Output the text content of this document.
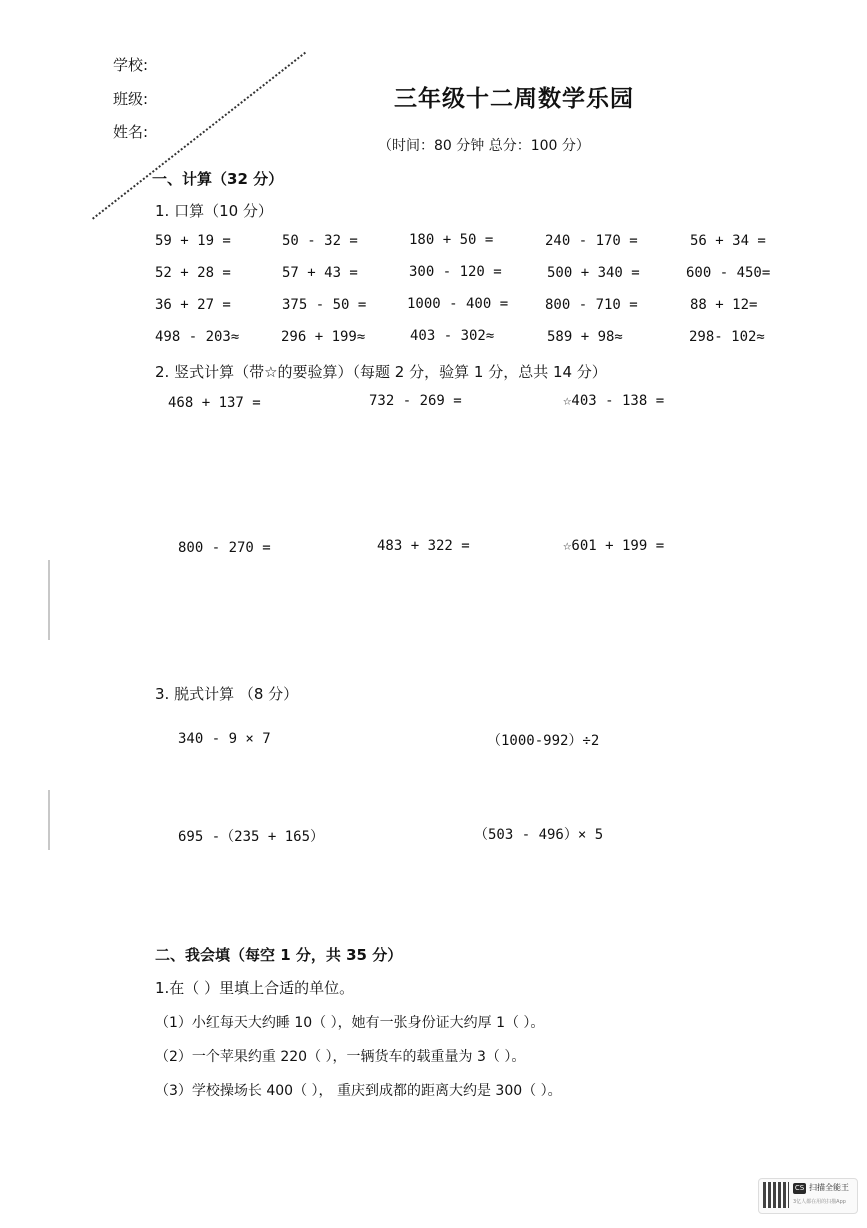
学校:
班级:
姓名:
三年级十二周数学乐园
（时间：80 分钟 总分：100 分）
一、计算（32 分）
1. 口算（10 分）
59 + 19 =	50 - 32 =	180 + 50 =	240 - 170 =	56 + 34 =
52 + 28 =	57 + 43 =	300 - 120 =	500 + 340 =	600 - 450=
36 + 27 =	375 - 50 =	1000 - 400 =	800 - 710 =	88 + 12=
498 - 203≈	296 + 199≈	403 - 302≈	589 + 98≈	298- 102≈
2. 竖式计算（带☆的要验算）（每题 2 分，验算 1 分，总共 14 分）
468 + 137 =	732 - 269 =	☆403 - 138 =
800 - 270 =	483 + 322 =	☆601 + 199 =
3. 脱式计算 （8 分）
340 - 9 × 7	（1000-992）÷2
695 -（235 + 165）	（503 - 496）× 5
二、我会填（每空 1 分，共 35 分）
1.在（ ）里填上合适的单位。
（1）小红每天大约睡 10（ ），她有一张身份证大约厚 1（ ）。
（2）一个苹果约重 220（ ），一辆货车的载重量为 3（ ）。
（3）学校操场长 400（ ）， 重庆到成都的距离大约是 300（ ）。
CS 扫描全能王
3亿人都在用的扫描App
